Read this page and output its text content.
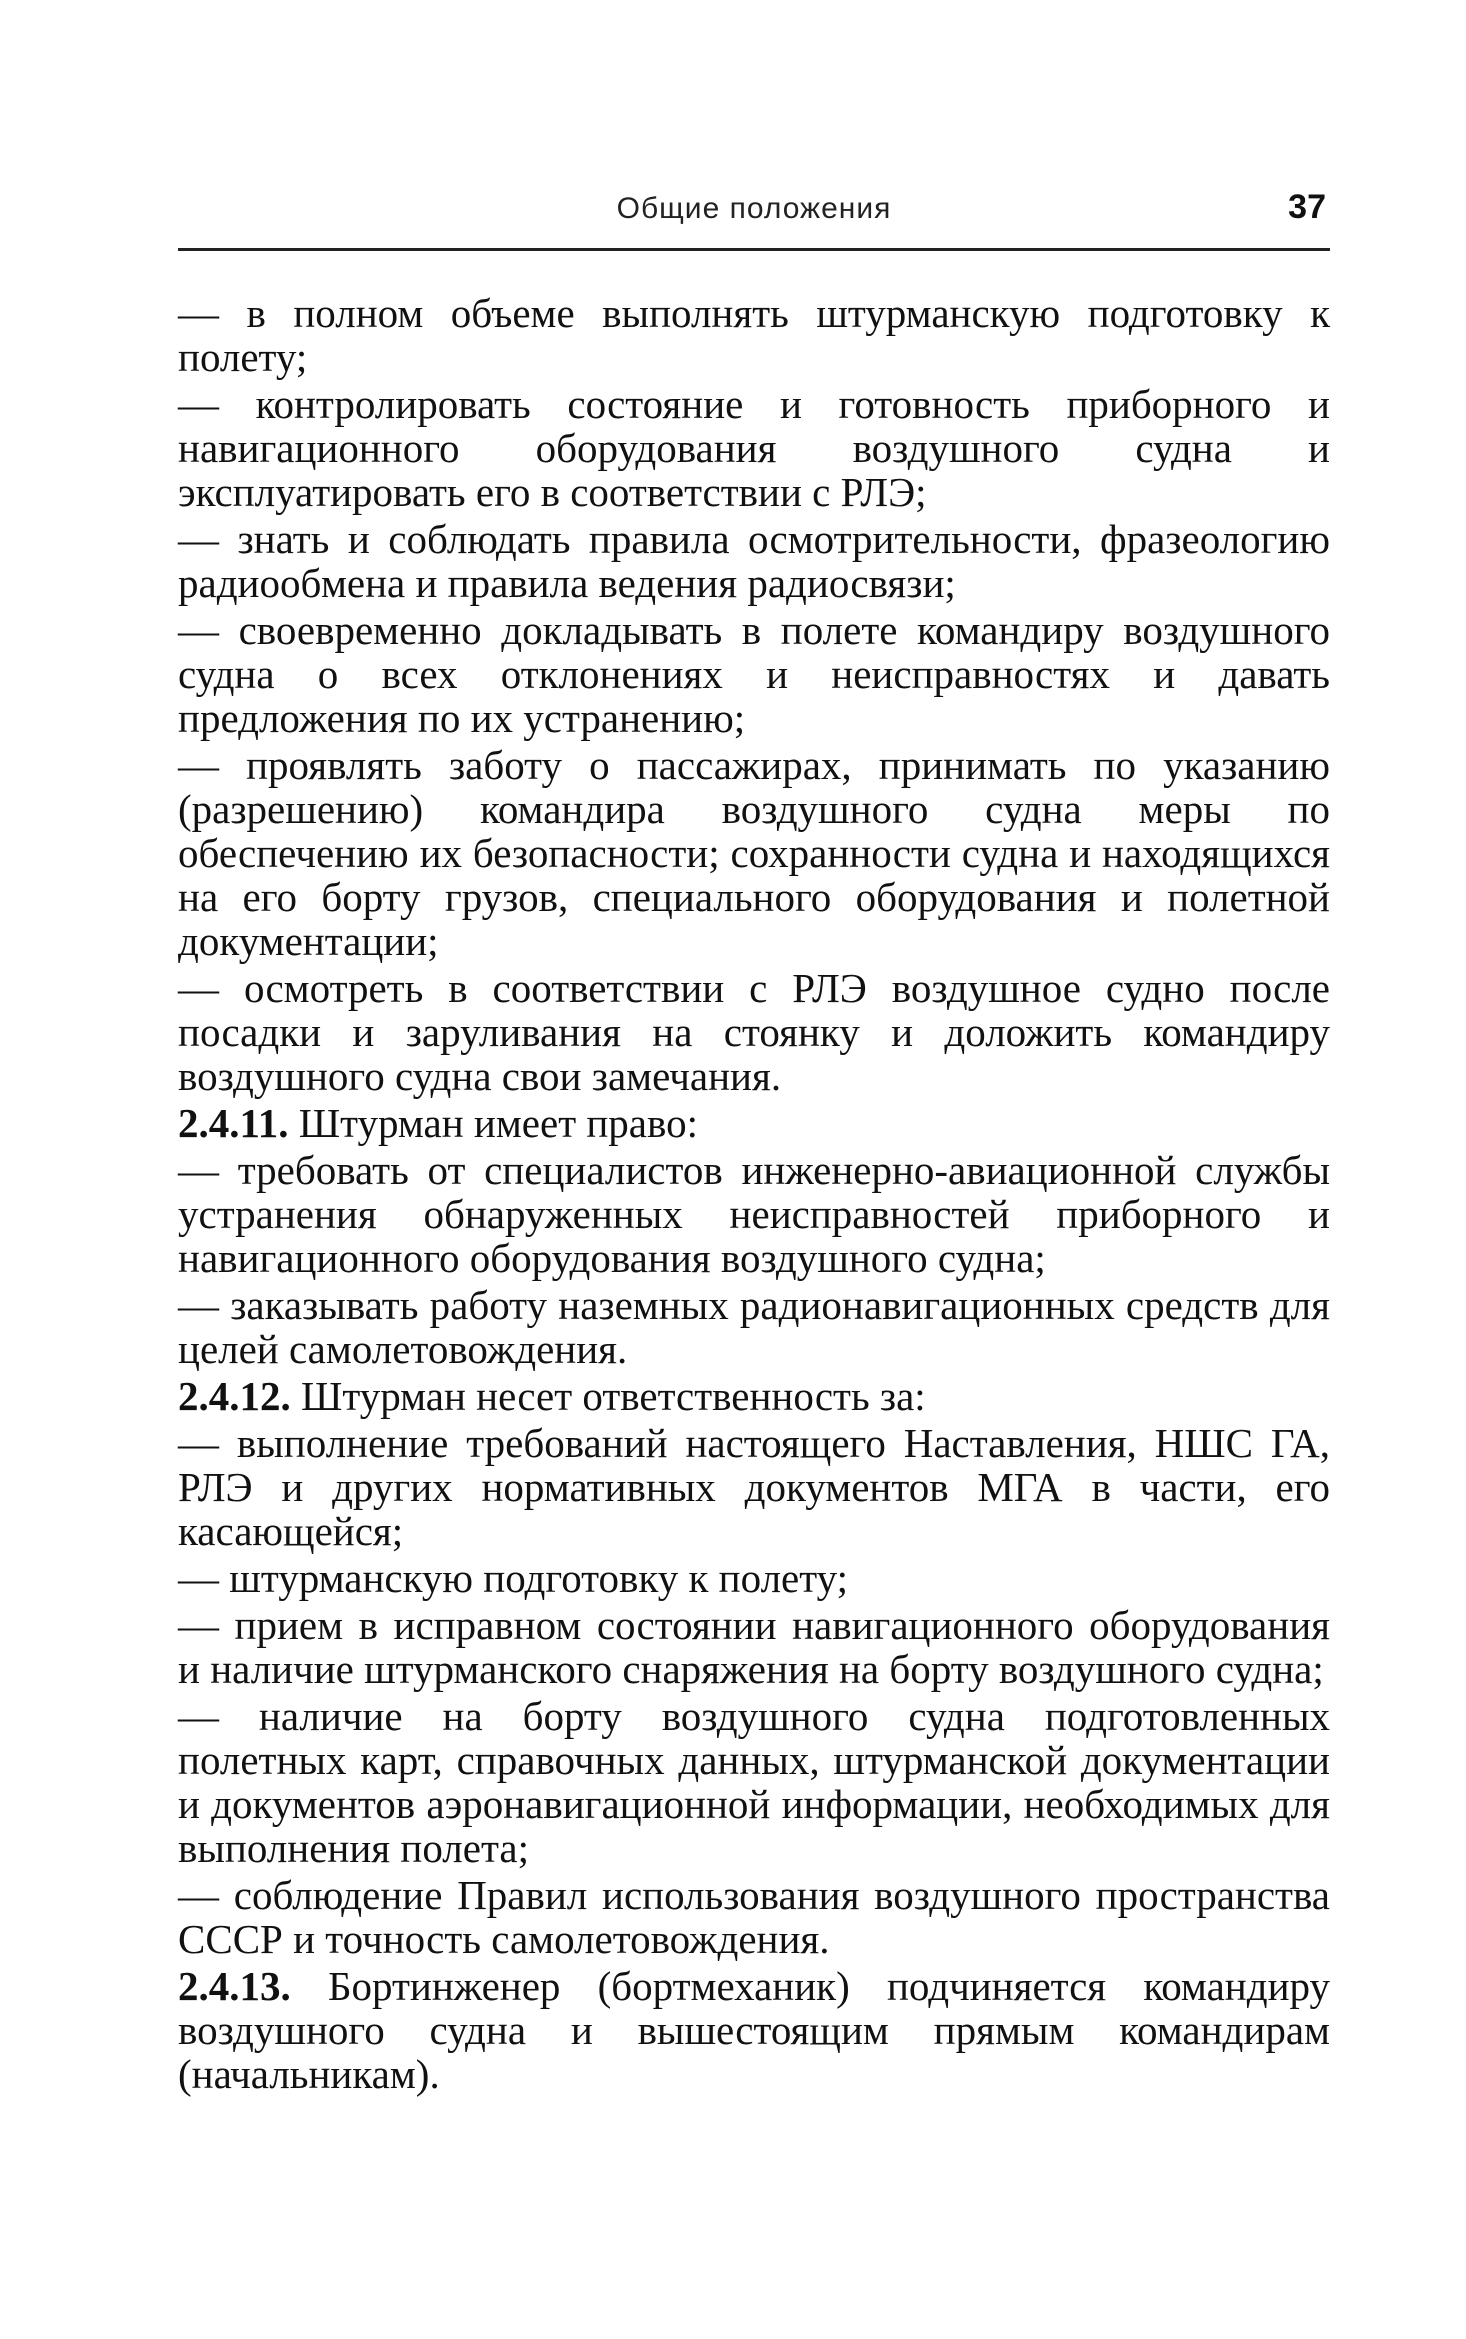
Общие положения	37

— в полном объеме выполнять штурманскую подготовку к полету;

— контролировать состояние и готовность приборного и навигационного оборудования воздушного судна и эксплуатировать его в соответствии с РЛЭ;

— знать и соблюдать правила осмотрительности, фразеологию радиообмена и правила ведения радиосвязи;

— своевременно докладывать в полете командиру воздушного судна о всех отклонениях и неисправностях и давать предложения по их устранению;

— проявлять заботу о пассажирах, принимать по указанию (разрешению) командира воздушного судна меры по обеспечению их безопасности; сохранности судна и находящихся на его борту грузов, специального оборудования и полетной документации;

— осмотреть в соответствии с РЛЭ воздушное судно после посадки и заруливания на стоянку и доложить командиру воздушного судна свои замечания.

2.4.11. Штурман имеет право:

— требовать от специалистов инженерно-авиационной службы устранения обнаруженных неисправностей приборного и навигационного оборудования воздушного судна;

— заказывать работу наземных радионавигационных средств для целей самолетовождения.

2.4.12. Штурман несет ответственность за:

— выполнение требований настоящего Наставления, НШС ГА, РЛЭ и других нормативных документов МГА в части, его касающейся;

— штурманскую подготовку к полету;

— прием в исправном состоянии навигационного оборудования и наличие штурманского снаряжения на борту воздушного судна;

— наличие на борту воздушного судна подготовленных полетных карт, справочных данных, штурманской документации и документов аэронавигационной информации, необходимых для выполнения полета;

— соблюдение Правил использования воздушного пространства СССР и точность самолетовождения.

2.4.13. Бортинженер (бортмеханик) подчиняется командиру воздушного судна и вышестоящим прямым командирам (начальникам).
